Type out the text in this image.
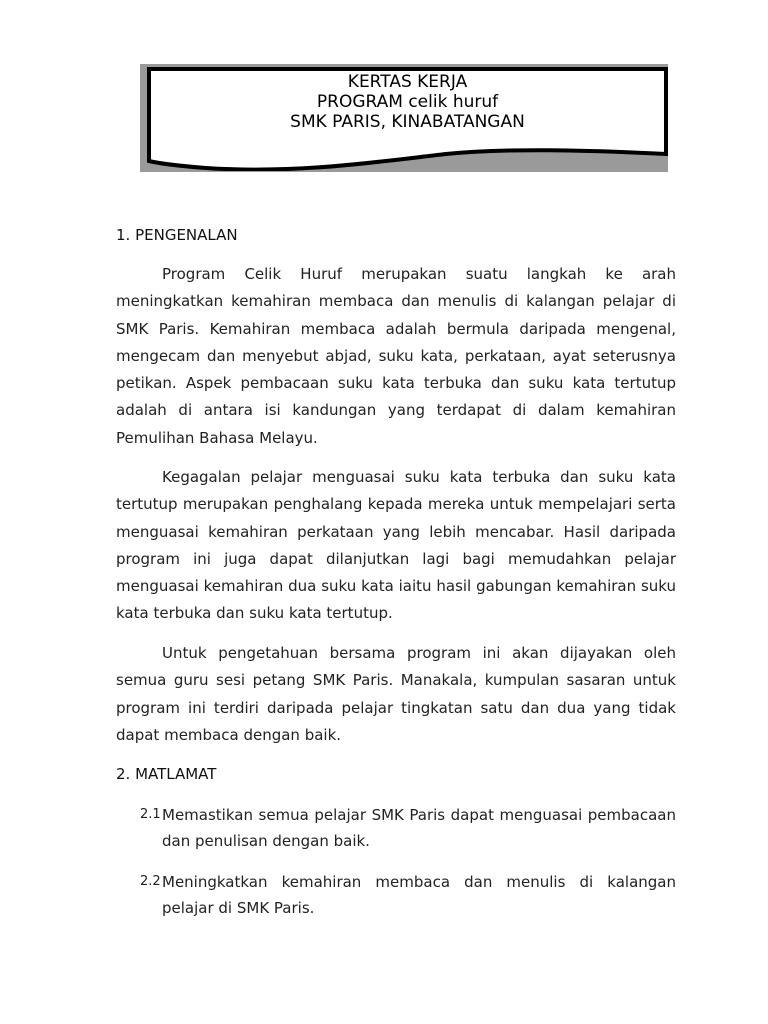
KERTAS KERJA
PROGRAM celik huruf
SMK PARIS, KINABATANGAN
1. PENGENALAN
Program Celik Huruf merupakan suatu langkah ke arah meningkatkan kemahiran membaca dan menulis di kalangan pelajar di SMK Paris. Kemahiran membaca adalah bermula daripada mengenal, mengecam dan menyebut abjad, suku kata, perkataan, ayat seterusnya petikan. Aspek pembacaan suku kata terbuka dan suku kata tertutup adalah di antara isi kandungan yang terdapat di dalam kemahiran Pemulihan Bahasa Melayu.
Kegagalan pelajar menguasai suku kata terbuka dan suku kata tertutup merupakan penghalang kepada mereka untuk mempelajari serta menguasai kemahiran perkataan yang lebih mencabar. Hasil daripada program ini juga dapat dilanjutkan lagi bagi memudahkan pelajar menguasai kemahiran dua suku kata iaitu hasil gabungan kemahiran suku kata terbuka dan suku kata tertutup.
Untuk pengetahuan bersama program ini akan dijayakan oleh semua guru sesi petang SMK Paris. Manakala, kumpulan sasaran untuk program ini terdiri daripada pelajar tingkatan satu dan dua yang tidak dapat membaca dengan baik.
2. MATLAMAT
2.1 Memastikan semua pelajar SMK Paris dapat menguasai pembacaan dan penulisan dengan baik.
2.2 Meningkatkan kemahiran membaca dan menulis di kalangan pelajar di SMK Paris.
